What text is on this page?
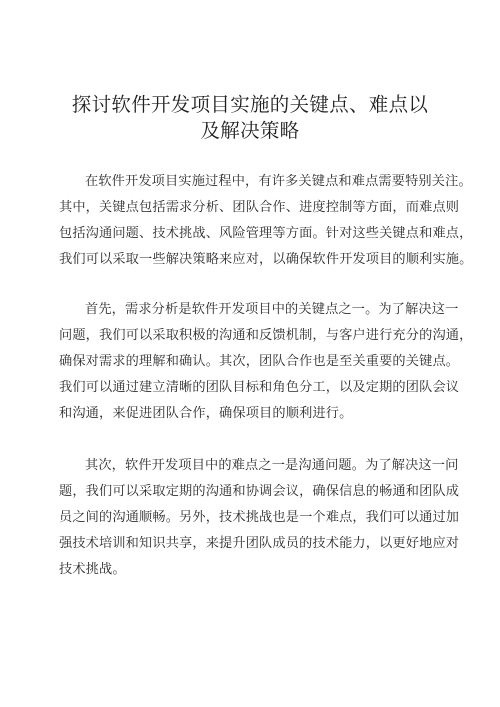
探讨软件开发项目实施的关键点、难点以
及解决策略
在软件开发项目实施过程中，有许多关键点和难点需要特别关注。
其中，关键点包括需求分析、团队合作、进度控制等方面，而难点则
包括沟通问题、技术挑战、风险管理等方面。针对这些关键点和难点，
我们可以采取一些解决策略来应对，以确保软件开发项目的顺利实施。
首先，需求分析是软件开发项目中的关键点之一。为了解决这一
问题，我们可以采取积极的沟通和反馈机制，与客户进行充分的沟通，
确保对需求的理解和确认。其次，团队合作也是至关重要的关键点。
我们可以通过建立清晰的团队目标和角色分工，以及定期的团队会议
和沟通，来促进团队合作，确保项目的顺利进行。
其次，软件开发项目中的难点之一是沟通问题。为了解决这一问
题，我们可以采取定期的沟通和协调会议，确保信息的畅通和团队成
员之间的沟通顺畅。另外，技术挑战也是一个难点，我们可以通过加
强技术培训和知识共享，来提升团队成员的技术能力，以更好地应对
技术挑战。
